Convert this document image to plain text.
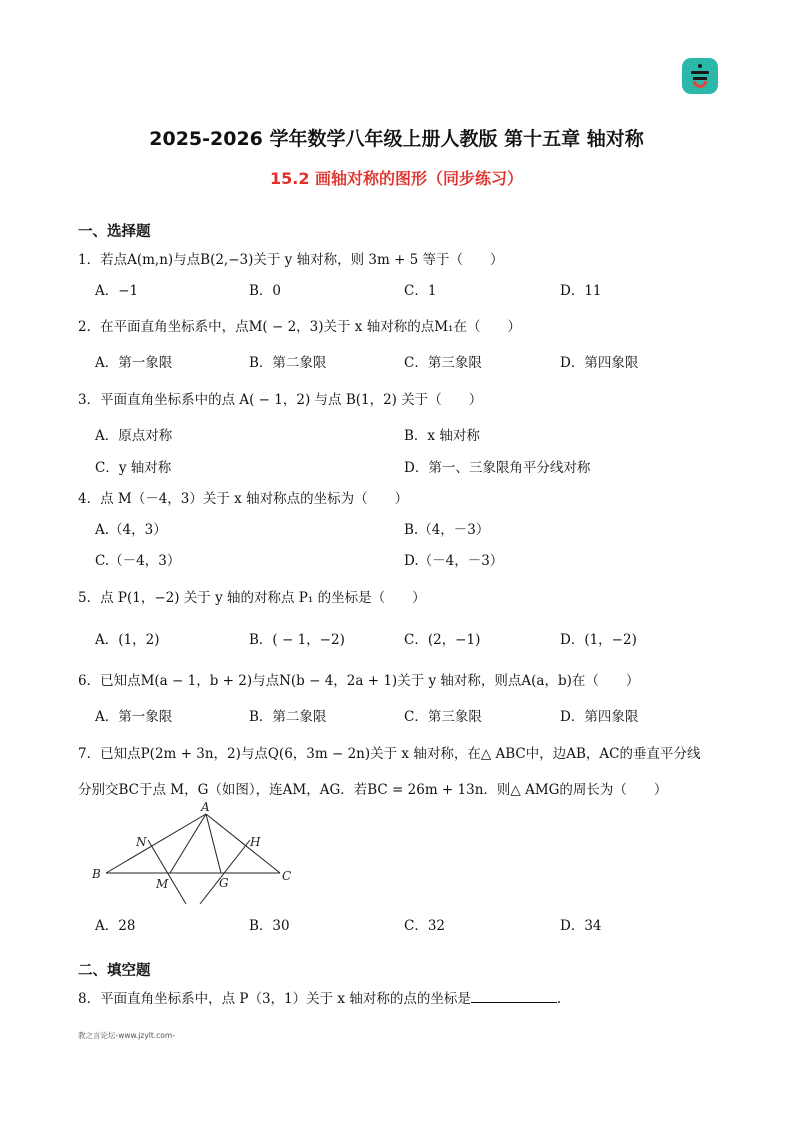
2025-2026 学年数学八年级上册人教版 第十五章 轴对称
15.2 画轴对称的图形（同步练习）
一、选择题
1．若点A(m,n)与点B(2,−3)关于 y 轴对称，则 3m + 5 等于（　　）
A．−1	B．0	C．1	D．11
2．在平面直角坐标系中，点M( − 2，3)关于 x 轴对称的点M₁在（　　）
A．第一象限	B．第二象限	C．第三象限	D．第四象限
3．平面直角坐标系中的点 A( − 1，2) 与点 B(1，2) 关于（　　）
A．原点对称	B．x 轴对称
C．y 轴对称	D．第一、三象限角平分线对称
4．点 M（－4，3）关于 x 轴对称点的坐标为（　　）
A.（4，3）	B.（4，－3）
C.（－4，3）	D.（－4，－3）
5．点 P(1，−2) 关于 y 轴的对称点 P₁ 的坐标是（　　）
A．(1，2)	B．( − 1，−2)	C．(2，−1)	D．(1，−2)
6．已知点M(a − 1，b + 2)与点N(b − 4，2a + 1)关于 y 轴对称，则点A(a，b)在（　　）
A．第一象限	B．第二象限	C．第三象限	D．第四象限
7．已知点P(2m + 3n，2)与点Q(6，3m − 2n)关于 x 轴对称，在△ ABC中，边AB，AC的垂直平分线
分别交BC于点 M，G（如图），连AM，AG．若BC = 26m + 13n．则△ AMG的周长为（　　）
A
B	C
N	H
M	G
A．28	B．30	C．32	D．34
二、填空题
8．平面直角坐标系中，点 P（3，1）关于 x 轴对称的点的坐标是	.
教之言论坛-www.jzylt.com-
